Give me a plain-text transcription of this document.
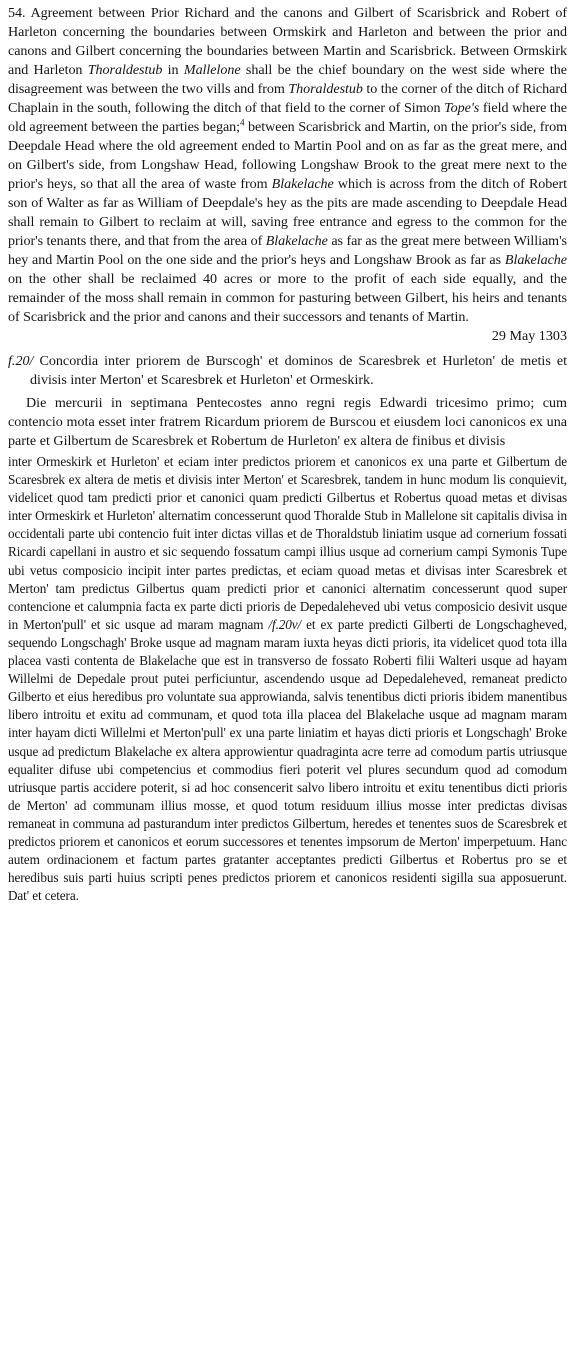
54. Agreement between Prior Richard and the canons and Gilbert of Scarisbrick and Robert of Harleton concerning the boundaries between Ormskirk and Harleton and between the prior and canons and Gilbert concerning the boundaries between Martin and Scarisbrick. Between Ormskirk and Harleton Thoraldestub in Mallelone shall be the chief boundary on the west side where the disagreement was between the two vills and from Thoraldestub to the corner of the ditch of Richard Chaplain in the south, following the ditch of that field to the corner of Simon Tope's field where the old agreement between the parties began;$^4$ between Scarisbrick and Martin, on the prior's side, from Deepdale Head where the old agreement ended to Martin Pool and on as far as the great mere, and on Gilbert's side, from Longshaw Head, following Longshaw Brook to the great mere next to the prior's heys, so that all the area of waste from Blakelache which is across from the ditch of Robert son of Walter as far as William of Deepdale's hey as the pits are made ascending to Deepdale Head shall remain to Gilbert to reclaim at will, saving free entrance and egress to the common for the prior's tenants there, and that from the area of Blakelache as far as the great mere between William's hey and Martin Pool on the one side and the prior's heys and Longshaw Brook as far as Blakelache on the other shall be reclaimed 40 acres or more to the profit of each side equally, and the remainder of the moss shall remain in common for pasturing between Gilbert, his heirs and tenants of Scarisbrick and the prior and canons and their successors and tenants of Martin.

29 May 1303

f.20/ Concordia inter priorem de Burscogh' et dominos de Scaresbrek et Hurleton' de metis et divisis inter Merton' et Scaresbrek et Hurleton' et Ormeskirk.

Die mercurii in septimana Pentecostes anno regni regis Edwardi tricesimo primo; cum contencio mota esset inter fratrem Ricardum priorem de Burscou et eiusdem loci canonicos ex una parte et Gilbertum de Scaresbrek et Robertum de Hurleton' ex altera de finibus et divisis

inter Ormeskirk et Hurleton' et eciam inter predictos priorem et canonicos ex una parte et Gilbertum de Scaresbrek ex altera de metis et divisis inter Merton' et Scaresbrek, tandem in hunc modum lis conquievit, videlicet quod tam predicti prior et canonici quam predicti Gilbertus et Robertus quoad metas et divisas inter Ormeskirk et Hurleton' alternatim concesserunt quod Thoralde Stub in Mallelone sit capitalis divisa in occidentali parte ubi contencio fuit inter dictas villas et de Thoraldstub liniatim usque ad cornerium fossati Ricardi capellani in austro et sic sequendo fossatum campi illius usque ad cornerium campi Symonis Tupe ubi vetus composicio incipit inter partes predictas, et eciam quoad metas et divisas inter Scaresbrek et Merton' tam predictus Gilbertus quam predicti prior et canonici alternatim concesserunt quod super contencione et calumpnia facta ex parte dicti prioris de Depedaleheved ubi vetus composicio desivit usque in Merton'pull' et sic usque ad maram magnam /f.20v/ et ex parte predicti Gilberti de Longschagheved, sequendo Longschagh' Broke usque ad magnam maram iuxta heyas dicti prioris, ita videlicet quod tota illa placea vasti contenta de Blakelache que est in transverso de fossato Roberti filii Walteri usque ad hayam Willelmi de Depedale prout putei perficiuntur, ascendendo usque ad Depedaleheved, remaneat predicto Gilberto et eius heredibus pro voluntate sua approwianda, salvis tenentibus dicti prioris ibidem manentibus libero introitu et exitu ad communam, et quod tota illa placea del Blakelache usque ad magnam maram inter hayam dicti Willelmi et Merton'pull' ex una parte liniatim et hayas dicti prioris et Longschagh' Broke usque ad predictum Blakelache ex altera approwientur quadraginta acre terre ad comodum partis utriusque equaliter difuse ubi competencius et commodius fieri poterit vel plures secundum quod ad comodum utriusque partis accidere poterit, si ad hoc consencerit salvo libero introitu et exitu tenentibus dicti prioris de Merton' ad communam illius mosse, et quod totum residuum illius mosse inter predictas divisas remaneat in communa ad pasturandum inter predictos Gilbertum, heredes et tenentes suos de Scaresbrek et predictos priorem et canonicos et eorum successores et tenentes impsorum de Merton' imperpetuum. Hanc autem ordinacionem et factum partes gratanter acceptantes predicti Gilbertus et Robertus pro se et heredibus suis parti huius scripti penes predictos priorem et canonicos residenti sigilla sua apposuerunt. Dat' et cetera.
